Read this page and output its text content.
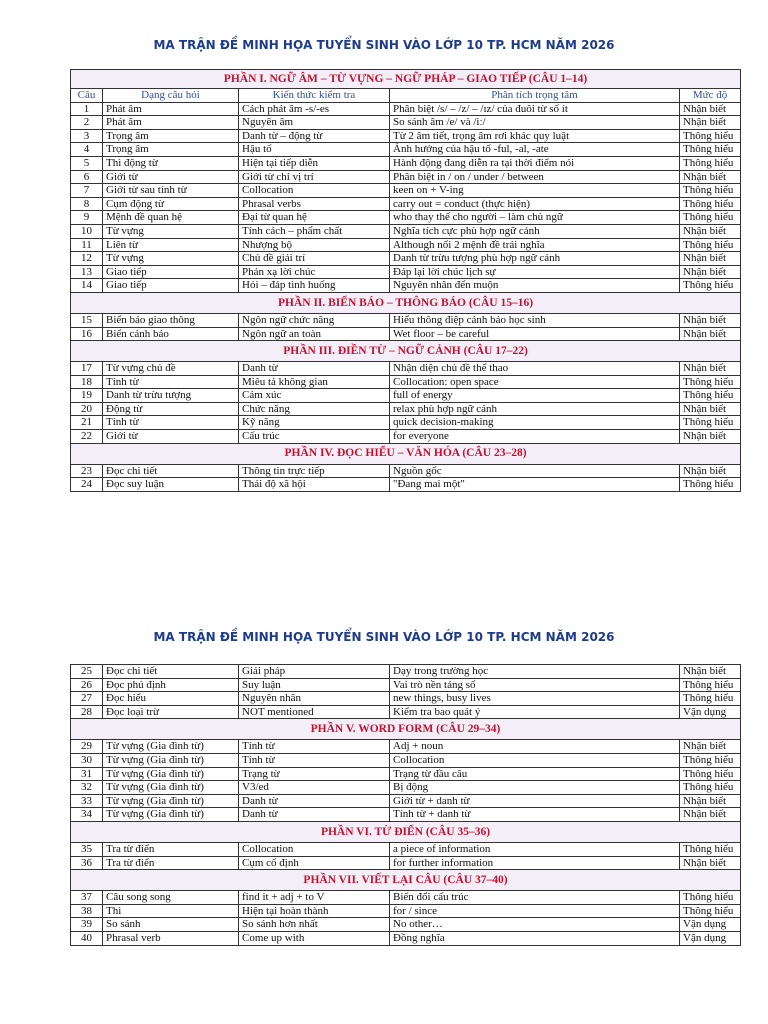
MA TRẬN ĐỀ MINH HỌA TUYỂN SINH VÀO LỚP 10 TP. HCM NĂM 2026
PHẦN I. NGỮ ÂM – TỪ VỰNG – NGỮ PHÁP – GIAO TIẾP (CÂU 1–14)				
Câu	Dạng câu hỏi	Kiến thức kiểm tra	Phân tích trọng tâm	Mức độ
1	Phát âm	Cách phát âm -s/-es	Phân biệt /s/ – /z/ – /ɪz/ của đuôi từ số ít	Nhận biết
2	Phát âm	Nguyên âm	So sánh âm /e/ và /iː/	Nhận biết
3	Trọng âm	Danh từ – động từ	Từ 2 âm tiết, trọng âm rơi khác quy luật	Thông hiểu
4	Trọng âm	Hậu tố	Ảnh hưởng của hậu tố -ful, -al, -ate	Thông hiểu
5	Thì động từ	Hiện tại tiếp diễn	Hành động đang diễn ra tại thời điểm nói	Thông hiểu
6	Giới từ	Giới từ chỉ vị trí	Phân biệt in / on / under / between	Nhận biết
7	Giới từ sau tính từ	Collocation	keen on + V-ing	Thông hiểu
8	Cụm động từ	Phrasal verbs	carry out = conduct (thực hiện)	Thông hiểu
9	Mệnh đề quan hệ	Đại từ quan hệ	who thay thế cho người – làm chủ ngữ	Thông hiểu
10	Từ vựng	Tính cách – phẩm chất	Nghĩa tích cực phù hợp ngữ cảnh	Nhận biết
11	Liên từ	Nhượng bộ	Although nối 2 mệnh đề trái nghĩa	Thông hiểu
12	Từ vựng	Chủ đề giải trí	Danh từ trừu tượng phù hợp ngữ cảnh	Nhận biết
13	Giao tiếp	Phản xạ lời chúc	Đáp lại lời chúc lịch sự	Nhận biết
14	Giao tiếp	Hỏi – đáp tình huống	Nguyên nhân đến muộn	Thông hiểu
PHẦN II. BIỂN BÁO – THÔNG BÁO (CÂU 15–16)				
15	Biển báo giao thông	Ngôn ngữ chức năng	Hiểu thông điệp cảnh báo học sinh	Nhận biết
16	Biển cảnh báo	Ngôn ngữ an toàn	Wet floor – be careful	Nhận biết
PHẦN III. ĐIỀN TỪ – NGỮ CẢNH (CÂU 17–22)				
17	Từ vựng chủ đề	Danh từ	Nhận diện chủ đề thể thao	Nhận biết
18	Tính từ	Miêu tả không gian	Collocation: open space	Thông hiểu
19	Danh từ trừu tượng	Cảm xúc	full of energy	Thông hiểu
20	Động từ	Chức năng	relax phù hợp ngữ cảnh	Nhận biết
21	Tính từ	Kỹ năng	quick decision-making	Thông hiểu
22	Giới từ	Cấu trúc	for everyone	Nhận biết
PHẦN IV. ĐỌC HIỂU – VĂN HÓA (CÂU 23–28)				
23	Đọc chi tiết	Thông tin trực tiếp	Nguồn gốc	Nhận biết
24	Đọc suy luận	Thái độ xã hội	"Đang mai một"	Thông hiểu
MA TRẬN ĐỀ MINH HỌA TUYỂN SINH VÀO LỚP 10 TP. HCM NĂM 2026
25	Đọc chi tiết	Giải pháp	Dạy trong trường học	Nhận biết
26	Đọc phủ định	Suy luận	Vai trò nền tảng số	Thông hiểu
27	Đọc hiểu	Nguyên nhân	new things, busy lives	Thông hiểu
28	Đọc loại trừ	NOT mentioned	Kiểm tra bao quát ý	Vận dụng
PHẦN V. WORD FORM (CÂU 29–34)				
29	Từ vựng (Gia đình từ)	Tính từ	Adj + noun	Nhận biết
30	Từ vựng (Gia đình từ)	Tính từ	Collocation	Thông hiểu
31	Từ vựng (Gia đình từ)	Trạng từ	Trạng từ đầu câu	Thông hiểu
32	Từ vựng (Gia đình từ)	V3/ed	Bị động	Thông hiểu
33	Từ vựng (Gia đình từ)	Danh từ	Giới từ + danh từ	Nhận biết
34	Từ vựng (Gia đình từ)	Danh từ	Tính từ + danh từ	Nhận biết
PHẦN VI. TỪ ĐIỂN (CÂU 35–36)				
35	Tra từ điển	Collocation	a piece of information	Thông hiểu
36	Tra từ điển	Cụm cố định	for further information	Nhận biết
PHẦN VII. VIẾT LẠI CÂU (CÂU 37–40)				
37	Câu song song	find it + adj + to V	Biến đổi cấu trúc	Thông hiểu
38	Thì	Hiện tại hoàn thành	for / since	Thông hiểu
39	So sánh	So sánh hơn nhất	No other…	Vận dụng
40	Phrasal verb	Come up with	Đồng nghĩa	Vận dụng
